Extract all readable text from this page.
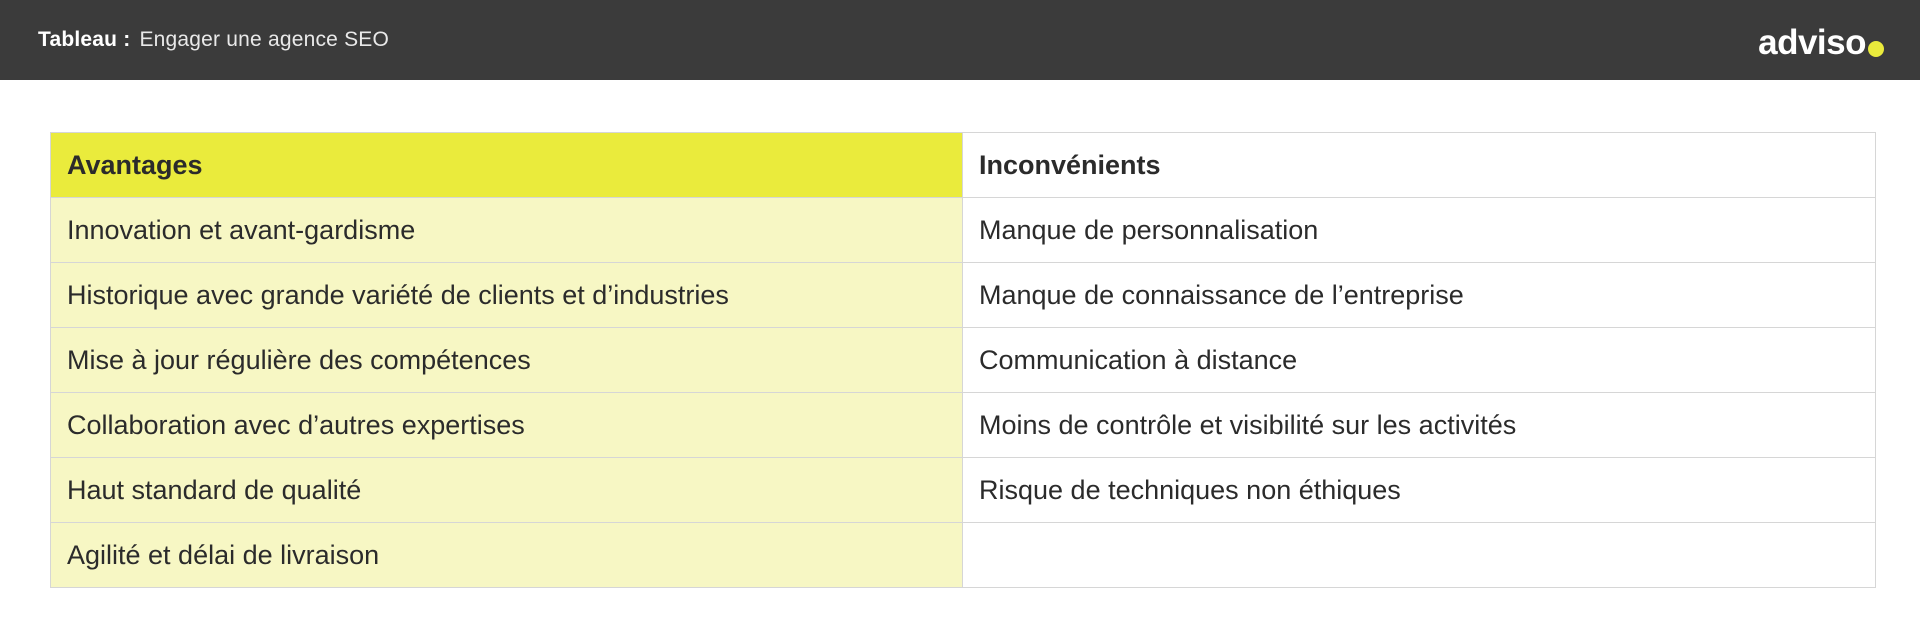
Tableau : Engager une agence SEO	adviso
Avantages	Inconvénients
Innovation et avant-gardisme	Manque de personnalisation
Historique avec grande variété de clients et d’industries	Manque de connaissance de l’entreprise
Mise à jour régulière des compétences	Communication à distance
Collaboration avec d’autres expertises	Moins de contrôle et visibilité sur les activités
Haut standard de qualité	Risque de techniques non éthiques
Agilité et délai de livraison	
